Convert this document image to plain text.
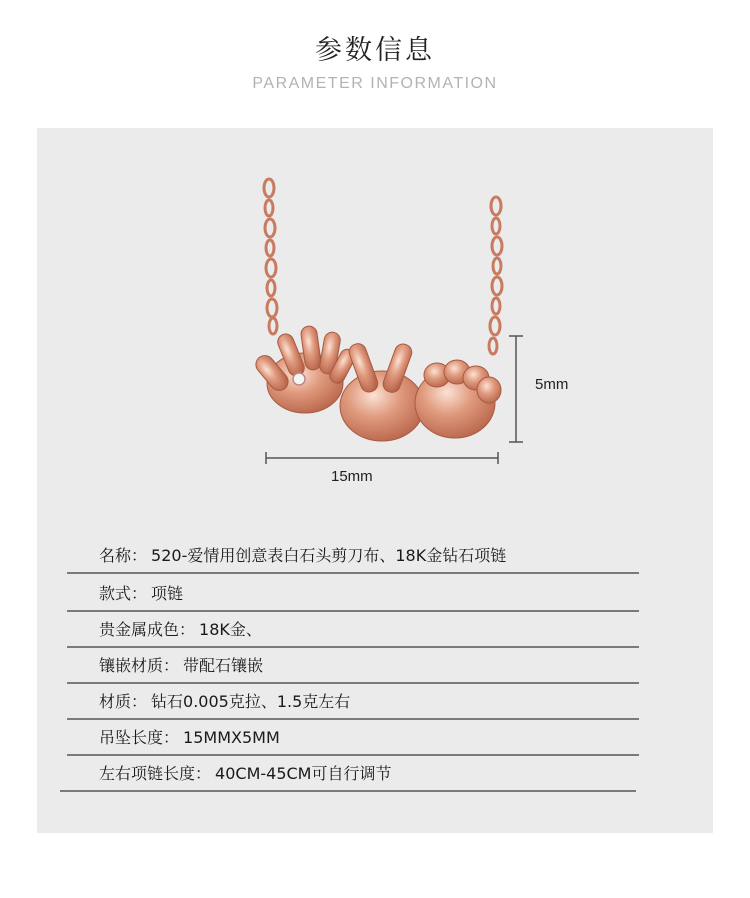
参数信息
PARAMETER INFORMATION
15mm
5mm
名称： 520-爱情用创意表白石头剪刀布、18K金钻石项链
款式： 项链
贵金属成色： 18K金、
镶嵌材质： 带配石镶嵌
材质： 钻石0.005克拉、1.5克左右
吊坠长度： 15MMX5MM
左右项链长度： 40CM-45CM可自行调节
